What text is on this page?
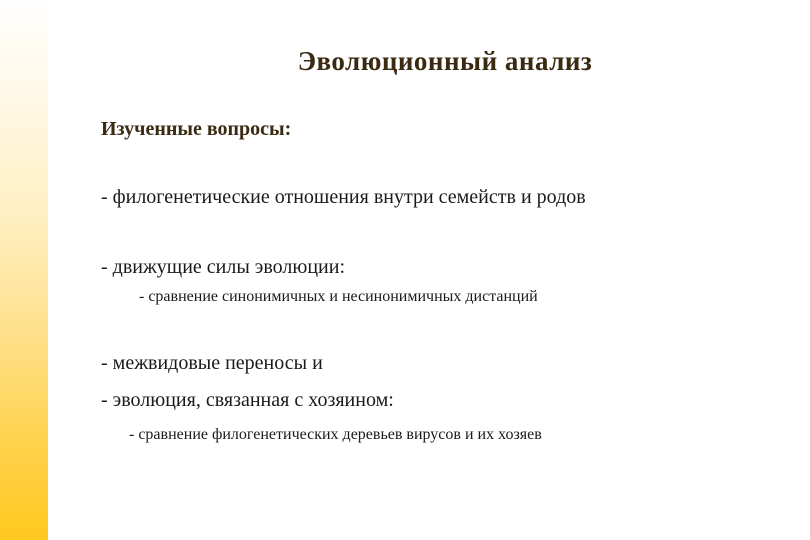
Эволюционный анализ
Изученные вопросы:
- филогенетические отношения внутри семейств и родов
- движущие силы эволюции:
- сравнение синонимичных и несинонимичных дистанций
- межвидовые переносы и
- эволюция, связанная с хозяином:
- сравнение филогенетических деревьев вирусов и их хозяев
